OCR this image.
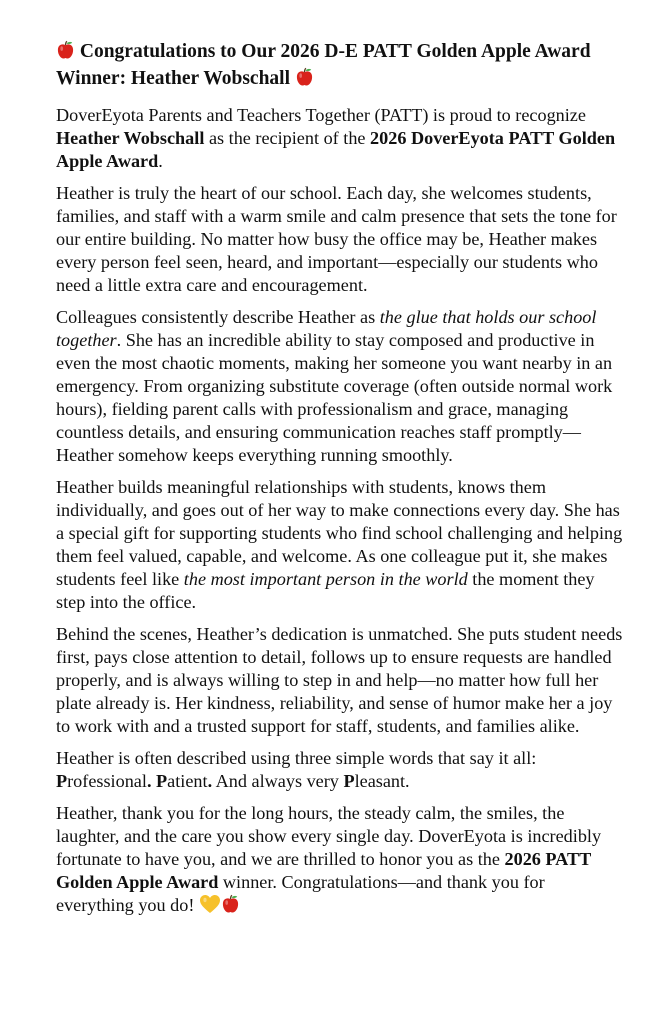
Congratulations to Our 2026 D-E PATT Golden Apple Award Winner: Heather Wobschall

DoverEyota Parents and Teachers Together (PATT) is proud to recognize Heather Wobschall as the recipient of the 2026 DoverEyota PATT Golden Apple Award.

Heather is truly the heart of our school. Each day, she welcomes students, families, and staff with a warm smile and calm presence that sets the tone for our entire building. No matter how busy the office may be, Heather makes every person feel seen, heard, and important—especially our students who need a little extra care and encouragement.

Colleagues consistently describe Heather as the glue that holds our school together. She has an incredible ability to stay composed and productive in even the most chaotic moments, making her someone you want nearby in an emergency. From organizing substitute coverage (often outside normal work hours), fielding parent calls with professionalism and grace, managing countless details, and ensuring communication reaches staff promptly—Heather somehow keeps everything running smoothly.

Heather builds meaningful relationships with students, knows them individually, and goes out of her way to make connections every day. She has a special gift for supporting students who find school challenging and helping them feel valued, capable, and welcome. As one colleague put it, she makes students feel like the most important person in the world the moment they step into the office.

Behind the scenes, Heather’s dedication is unmatched. She puts student needs first, pays close attention to detail, follows up to ensure requests are handled properly, and is always willing to step in and help—no matter how full her plate already is. Her kindness, reliability, and sense of humor make her a joy to work with and a trusted support for staff, students, and families alike.

Heather is often described using three simple words that say it all: Professional. Patient. And always very Pleasant.

Heather, thank you for the long hours, the steady calm, the smiles, the laughter, and the care you show every single day. DoverEyota is incredibly fortunate to have you, and we are thrilled to honor you as the 2026 PATT Golden Apple Award winner. Congratulations—and thank you for everything you do!
